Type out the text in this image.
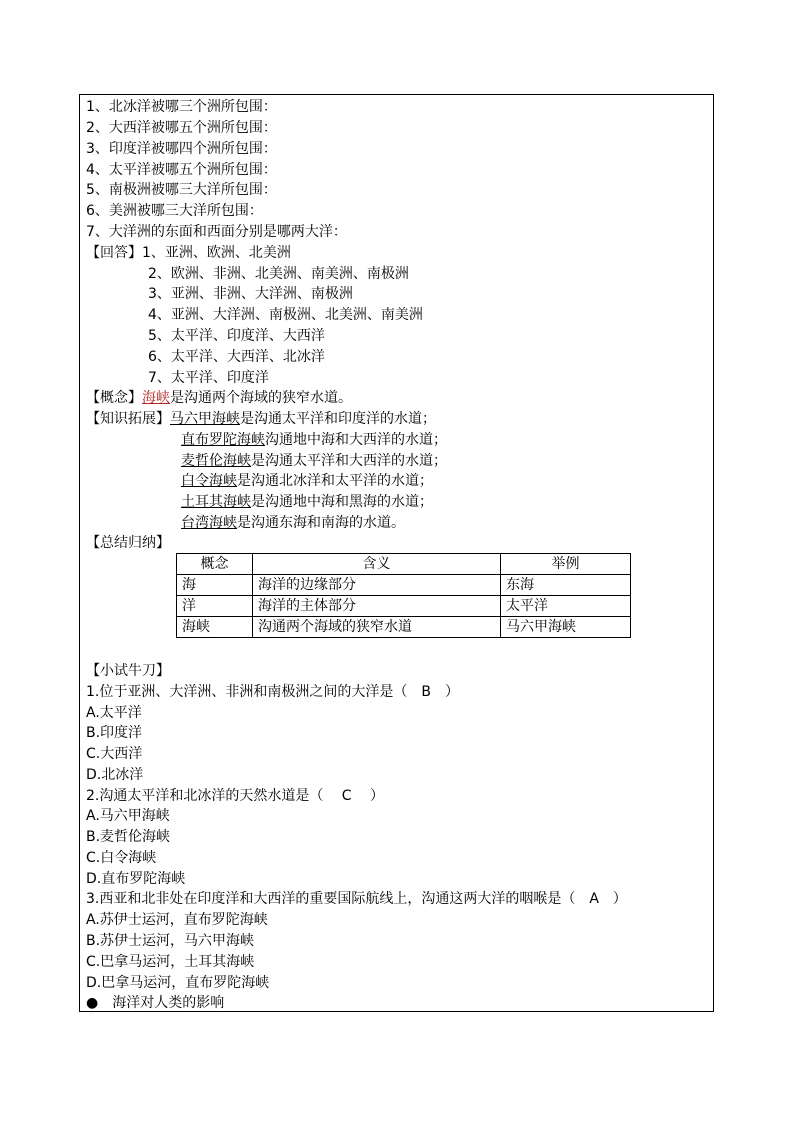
1、北冰洋被哪三个洲所包围：
2、大西洋被哪五个洲所包围：
3、印度洋被哪四个洲所包围：
4、太平洋被哪五个洲所包围：
5、南极洲被哪三大洋所包围：
6、美洲被哪三大洋所包围：
7、大洋洲的东面和西面分别是哪两大洋：
【回答】1、亚洲、欧洲、北美洲
2、欧洲、非洲、北美洲、南美洲、南极洲
3、亚洲、非洲、大洋洲、南极洲
4、亚洲、大洋洲、南极洲、北美洲、南美洲
5、太平洋、印度洋、大西洋
6、太平洋、大西洋、北冰洋
7、太平洋、印度洋
【概念】海峡是沟通两个海域的狭窄水道。
【知识拓展】马六甲海峡是沟通太平洋和印度洋的水道；
直布罗陀海峡沟通地中海和大西洋的水道；
麦哲伦海峡是沟通太平洋和大西洋的水道；
白令海峡是沟通北冰洋和太平洋的水道；
土耳其海峡是沟通地中海和黑海的水道；
台湾海峡是沟通东海和南海的水道。
【总结归纳】
概念	含义	举例
海	海洋的边缘部分	东海
洋	海洋的主体部分	太平洋
海峡	沟通两个海域的狭窄水道	马六甲海峡
【小试牛刀】
1.位于亚洲、大洋洲、非洲和南极洲之间的大洋是（　B　）
A.太平洋
B.印度洋
C.大西洋
D.北冰洋
2.沟通太平洋和北冰洋的天然水道是（　 C　 ）
A.马六甲海峡
B.麦哲伦海峡
C.白令海峡
D.直布罗陀海峡
3.西亚和北非处在印度洋和大西洋的重要国际航线上，沟通这两大洋的咽喉是（　A　）
A.苏伊士运河，直布罗陀海峡
B.苏伊士运河，马六甲海峡
C.巴拿马运河，土耳其海峡
D.巴拿马运河，直布罗陀海峡
● 海洋对人类的影响
